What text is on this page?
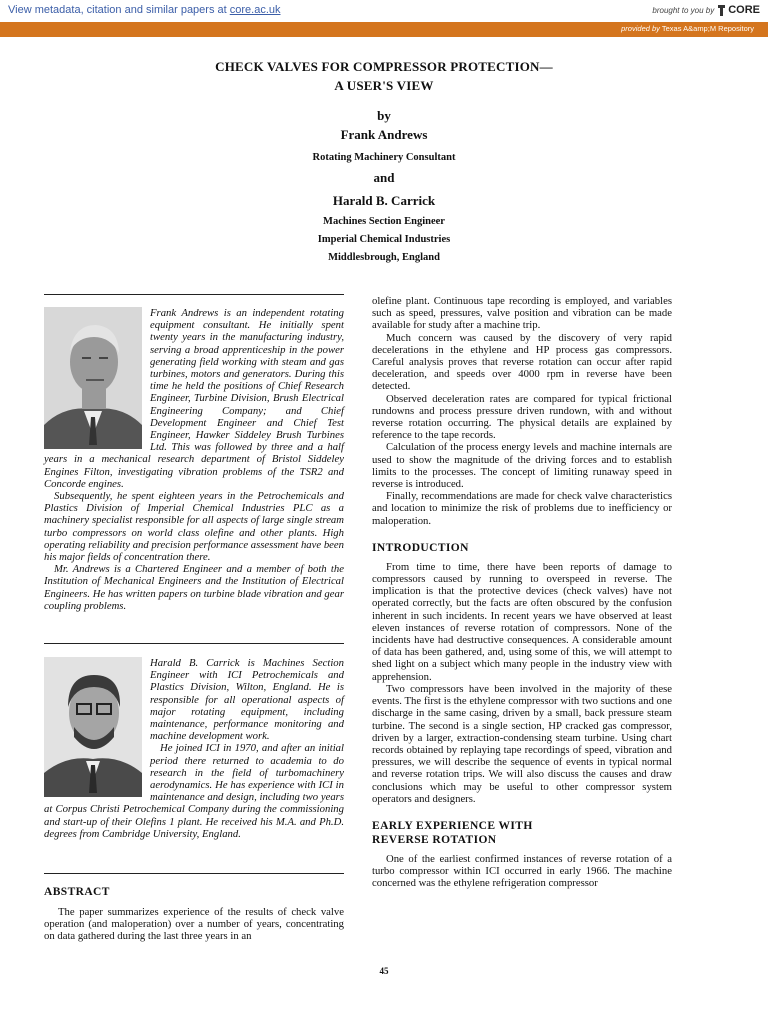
View metadata, citation and similar papers at core.ac.uk	brought to you by CORE
provided by Texas A&amp;M Repository
CHECK VALVES FOR COMPRESSOR PROTECTION—
A USER'S VIEW
by
Frank Andrews
Rotating Machinery Consultant
and
Harald B. Carrick
Machines Section Engineer
Imperial Chemical Industries
Middlesbrough, England

Frank Andrews is an independent rotating equipment consultant. He initially spent twenty years in the manufacturing industry, serving a broad apprenticeship in the power generating field working with steam and gas turbines, motors and generators. During this time he held the positions of Chief Research Engineer, Turbine Division, Brush Electrical Engineering Company; and Chief Development Engineer and Chief Test Engineer, Hawker Siddeley Brush Turbines Ltd. This was followed by three and a half years in a mechanical research department of Bristol Siddeley Engines Filton, investigating vibration problems of the TSR2 and Concorde engines.

Subsequently, he spent eighteen years in the Petrochemicals and Plastics Division of Imperial Chemical Industries PLC as a machinery specialist responsible for all aspects of large single stream turbo compressors on world class olefine and other plants. High operating reliability and precision performance assessment have been his major fields of concentration there.

Mr. Andrews is a Chartered Engineer and a member of both the Institution of Mechanical Engineers and the Institution of Electrical Engineers. He has written papers on turbine blade vibration and gear coupling problems.

Harald B. Carrick is Machines Section Engineer with ICI Petrochemicals and Plastics Division, Wilton, England. He is responsible for all operational aspects of major rotating equipment, including maintenance, performance monitoring and machine development work.

He joined ICI in 1970, and after an initial period there returned to academia to do research in the field of turbomachinery aerodynamics. He has experience with ICI in maintenance and design, including two years at Corpus Christi Petrochemical Company during the commissioning and start-up of their Olefins 1 plant. He received his M.A. and Ph.D. degrees from Cambridge University, England.

ABSTRACT

The paper summarizes experience of the results of check valve operation (and maloperation) over a number of years, concentrating on data gathered during the last three years in an

olefine plant. Continuous tape recording is employed, and variables such as speed, pressures, valve position and vibration can be made available for study after a machine trip.

Much concern was caused by the discovery of very rapid decelerations in the ethylene and HP process gas compressors. Careful analysis proves that reverse rotation can occur after rapid deceleration, and speeds over 4000 rpm in reverse have been detected.

Observed deceleration rates are compared for typical frictional rundowns and process pressure driven rundown, with and without reverse rotation occurring. The physical details are explained by reference to the tape records.

Calculation of the process energy levels and machine internals are used to show the magnitude of the driving forces and to establish limits to the processes. The concept of limiting runaway speed in reverse is introduced.

Finally, recommendations are made for check valve characteristics and location to minimize the risk of problems due to inefficiency or maloperation.

INTRODUCTION

From time to time, there have been reports of damage to compressors caused by running to overspeed in reverse. The implication is that the protective devices (check valves) have not operated correctly, but the facts are often obscured by the confusion inherent in such incidents. In recent years we have observed at least eleven instances of reverse rotation of compressors. None of the incidents have had destructive consequences. A considerable amount of data has been gathered, and, using some of this, we will attempt to shed light on a subject which many people in the industry view with apprehension.

Two compressors have been involved in the majority of these events. The first is the ethylene compressor with two suctions and one discharge in the same casing, driven by a small, back pressure steam turbine. The second is a single section, HP cracked gas compressor, driven by a larger, extraction-condensing steam turbine. Using chart records obtained by replaying tape recordings of speed, vibration and pressures, we will describe the sequence of events in typical normal and reverse rotation trips. We will also discuss the causes and draw conclusions which may be useful to other compressor system operators and designers.

EARLY EXPERIENCE WITH
REVERSE ROTATION

One of the earliest confirmed instances of reverse rotation of a turbo compressor within ICI occurred in early 1966. The machine concerned was the ethylene refrigeration compressor

45
